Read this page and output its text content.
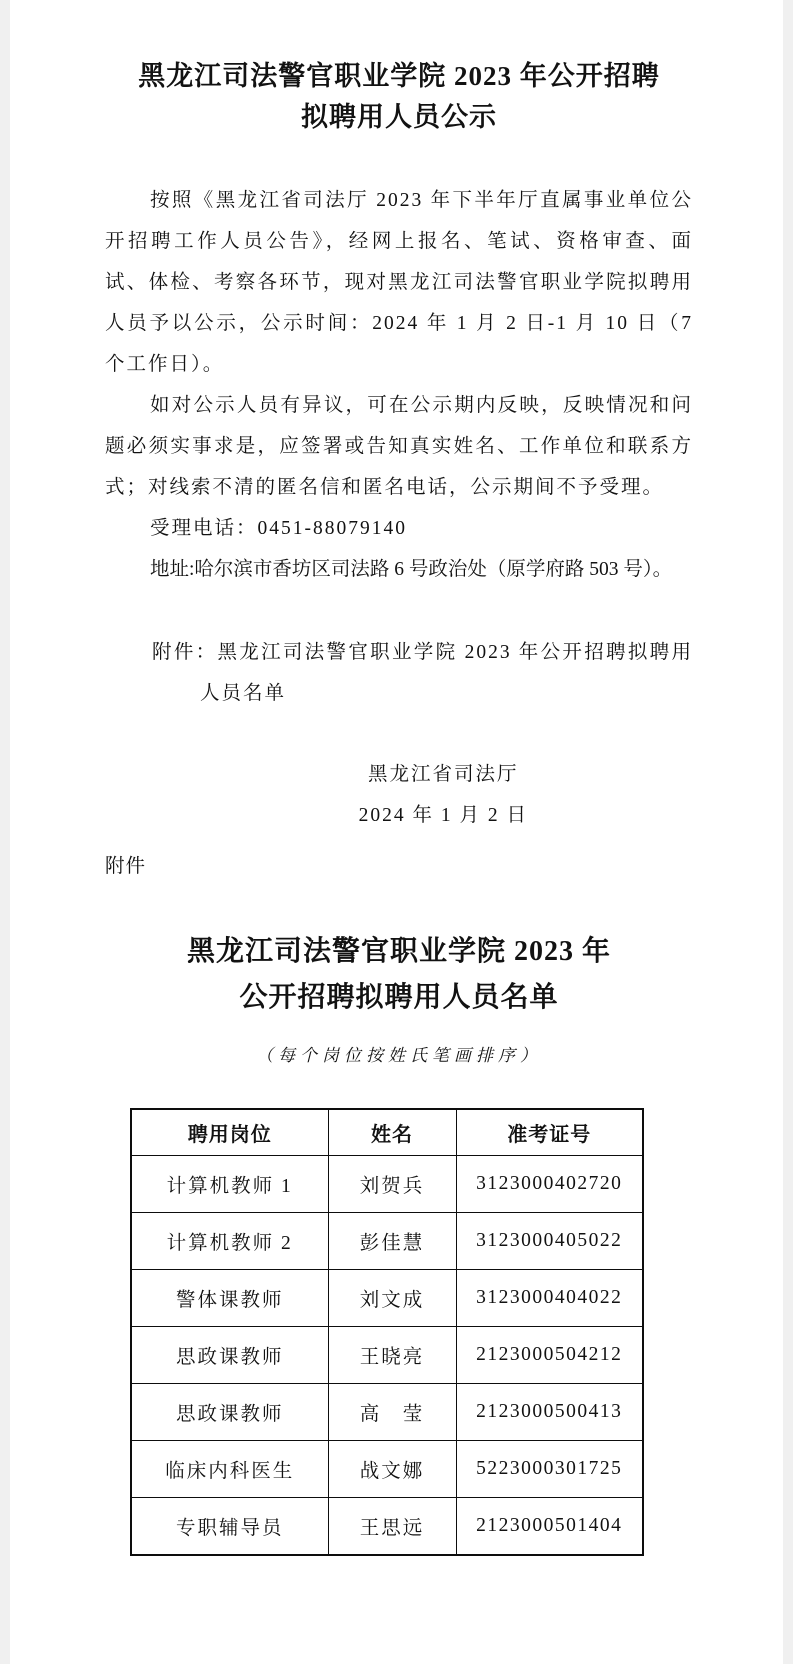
黑龙江司法警官职业学院 2023 年公开招聘
拟聘用人员公示

按照《黑龙江省司法厅 2023 年下半年厅直属事业单位公开招聘工作人员公告》，经网上报名、笔试、资格审查、面试、体检、考察各环节，现对黑龙江司法警官职业学院拟聘用人员予以公示，公示时间：2024 年 1 月 2 日-1 月 10 日（7 个工作日）。

如对公示人员有异议，可在公示期内反映，反映情况和问题必须实事求是，应签署或告知真实姓名、工作单位和联系方式；对线索不清的匿名信和匿名电话，公示期间不予受理。

受理电话：0451-88079140

地址:哈尔滨市香坊区司法路 6 号政治处（原学府路 503 号）。

附件：黑龙江司法警官职业学院 2023 年公开招聘拟聘用人员名单

黑龙江省司法厅
2024 年 1 月 2 日

附件

黑龙江司法警官职业学院 2023 年
公开招聘拟聘用人员名单
（每个岗位按姓氏笔画排序）
聘用岗位	姓名	准考证号
计算机教师 1	刘贺兵	3123000402720
计算机教师 2	彭佳慧	3123000405022
警体课教师	刘文成	3123000404022
思政课教师	王晓亮	2123000504212
思政课教师	高　莹	2123000500413
临床内科医生	战文娜	5223000301725
专职辅导员	王思远	2123000501404
